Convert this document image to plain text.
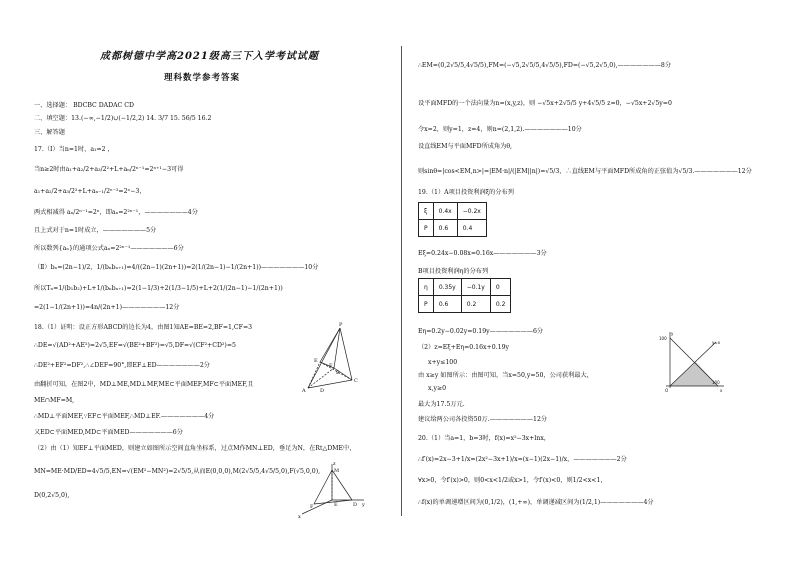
成都树德中学高2021级高三下入学考试试题
理科数学参考答案
一、选择题： BDCBC DADAC CD
二、填空题：13.(−∞,−1/2)∪(−1/2,2) 14. 3/7 15. 56/5 16.2
三、解答题
17.（Ⅰ）当n=1时，a₁=2 ，
当n≥2时由a₁+a₂/2+a₃/2²+L+aₙ/2ⁿ⁻¹=2ⁿ⁺¹−3可得
a₁+a₂/2+a₃/2²+L+aₙ₋₁/2ⁿ⁻²=2ⁿ−3，
两式相减得 aₙ/2ⁿ⁻¹=2ⁿ，即aₙ=2²ⁿ⁻¹，———————4分
且上式对于n=1时成立，———————5分
所以数列{aₙ}的通项公式aₙ=2²ⁿ⁻¹———————6分
（Ⅱ）bₙ=(2n−1)/2，1/(bₙbₙ₊₁)=4/((2n−1)(2n+1))=2(1/(2n−1)−1/(2n+1))———————10分
所以Tₙ=1/(b₁b₂)+L+1/(bₙbₙ₊₁)=2(1−1/3)+2(1/3−1/5)+L+2(1/(2n−1)−1/(2n+1))
=2(1−1/(2n+1))=4n/(2n+1)———————12分
18.（1）证明：设正方形ABCD的边长为4，由图1知AE=BE=2,BF=1,CF=3
∴DE=√(AD²+AE²)=2√5,EF=√(BE²+BF²)=√5,DF=√(CF²+CD²)=5
∴DE²+EF²=DF²,∴∠DEF=90°,即EF⊥ED———————2分
由翻折可知，在图2中，MD⊥ME,MD⊥MF,ME⊂平面MEF,MF⊂平面MEF,且
ME∩MF=M,
∴MD⊥平面MEF,∵EF⊂平面MEF,∴MD⊥EF.———————4分
又ED⊂平面MED,MD⊂平面MED———————6分
（2）由（1）知EF⊥平面MED，则建立如图所示空间直角坐标系，过点M作MN⊥ED，垂足为N，在Rt△DME中，
MN=ME·MD/ED=4√5/5,EN=√(EM²−MN²)=2√5/5,从而E(0,0,0),M(2√5/5,4√5/5,0),F(√5,0,0),
D(0,2√5,0),
P
E
F
B
C
A	D
z
M
E
F	D
x
y
∴EM=(0,2√5/5,4√5/5),FM=(−√5,2√5/5,4√5/5),FD=(−√5,2√5,0),———————8分
设平面MFD的一个法向量为n=(x,y,z)，则 −√5x+2√5/5 y+4√5/5 z=0，−√5x+2√5y=0
令x=2，则y=1，z=4，则n=(2,1,2).———————10分
设直线EM与平面MFD所成角为θ,
则sinθ=|cos<EM,n>|=|EM·n|/(|EM||n|)=√5/3，∴直线EM与平面MFD所成角的正弦值为√5/3.———————12分
19.（1）A项目投资利润ξ的分布列
ξ	0.4x	−0.2x
P	0.6	0.4
Eξ=0.24x−0.08x=0.16x———————3分
B项目投资利润η的分布列
η	0.35y	−0.1y	0
P	0.6	0.2	0.2
Eη=0.2y−0.02y=0.19y———————6分
（2）z=Eξ+Eη=0.16x+0.19y
x+y≤100
由 x≥y 如图所示：由图可知，当x=50,y=50，公司获利最大，
x,y≥0
最大为17.5万元.
建议给两公司各投资50万.———————12分
20.（1）当a=1，b=3时，f(x)=x²−3x+lnx，
∴f′(x)=2x−3+1/x=(2x²−3x+1)/x=(x−1)(2x−1)/x，———————2分
∀x>0，令f′(x)>0，则0<x<1/2或x>1，令f′(x)<0，则1/2<x<1，
∴f(x)的单调递增区间为(0,1/2)，(1,+∞)，单调递减区间为(1/2,1)———————4分
y
100
x
100
y=x
O
